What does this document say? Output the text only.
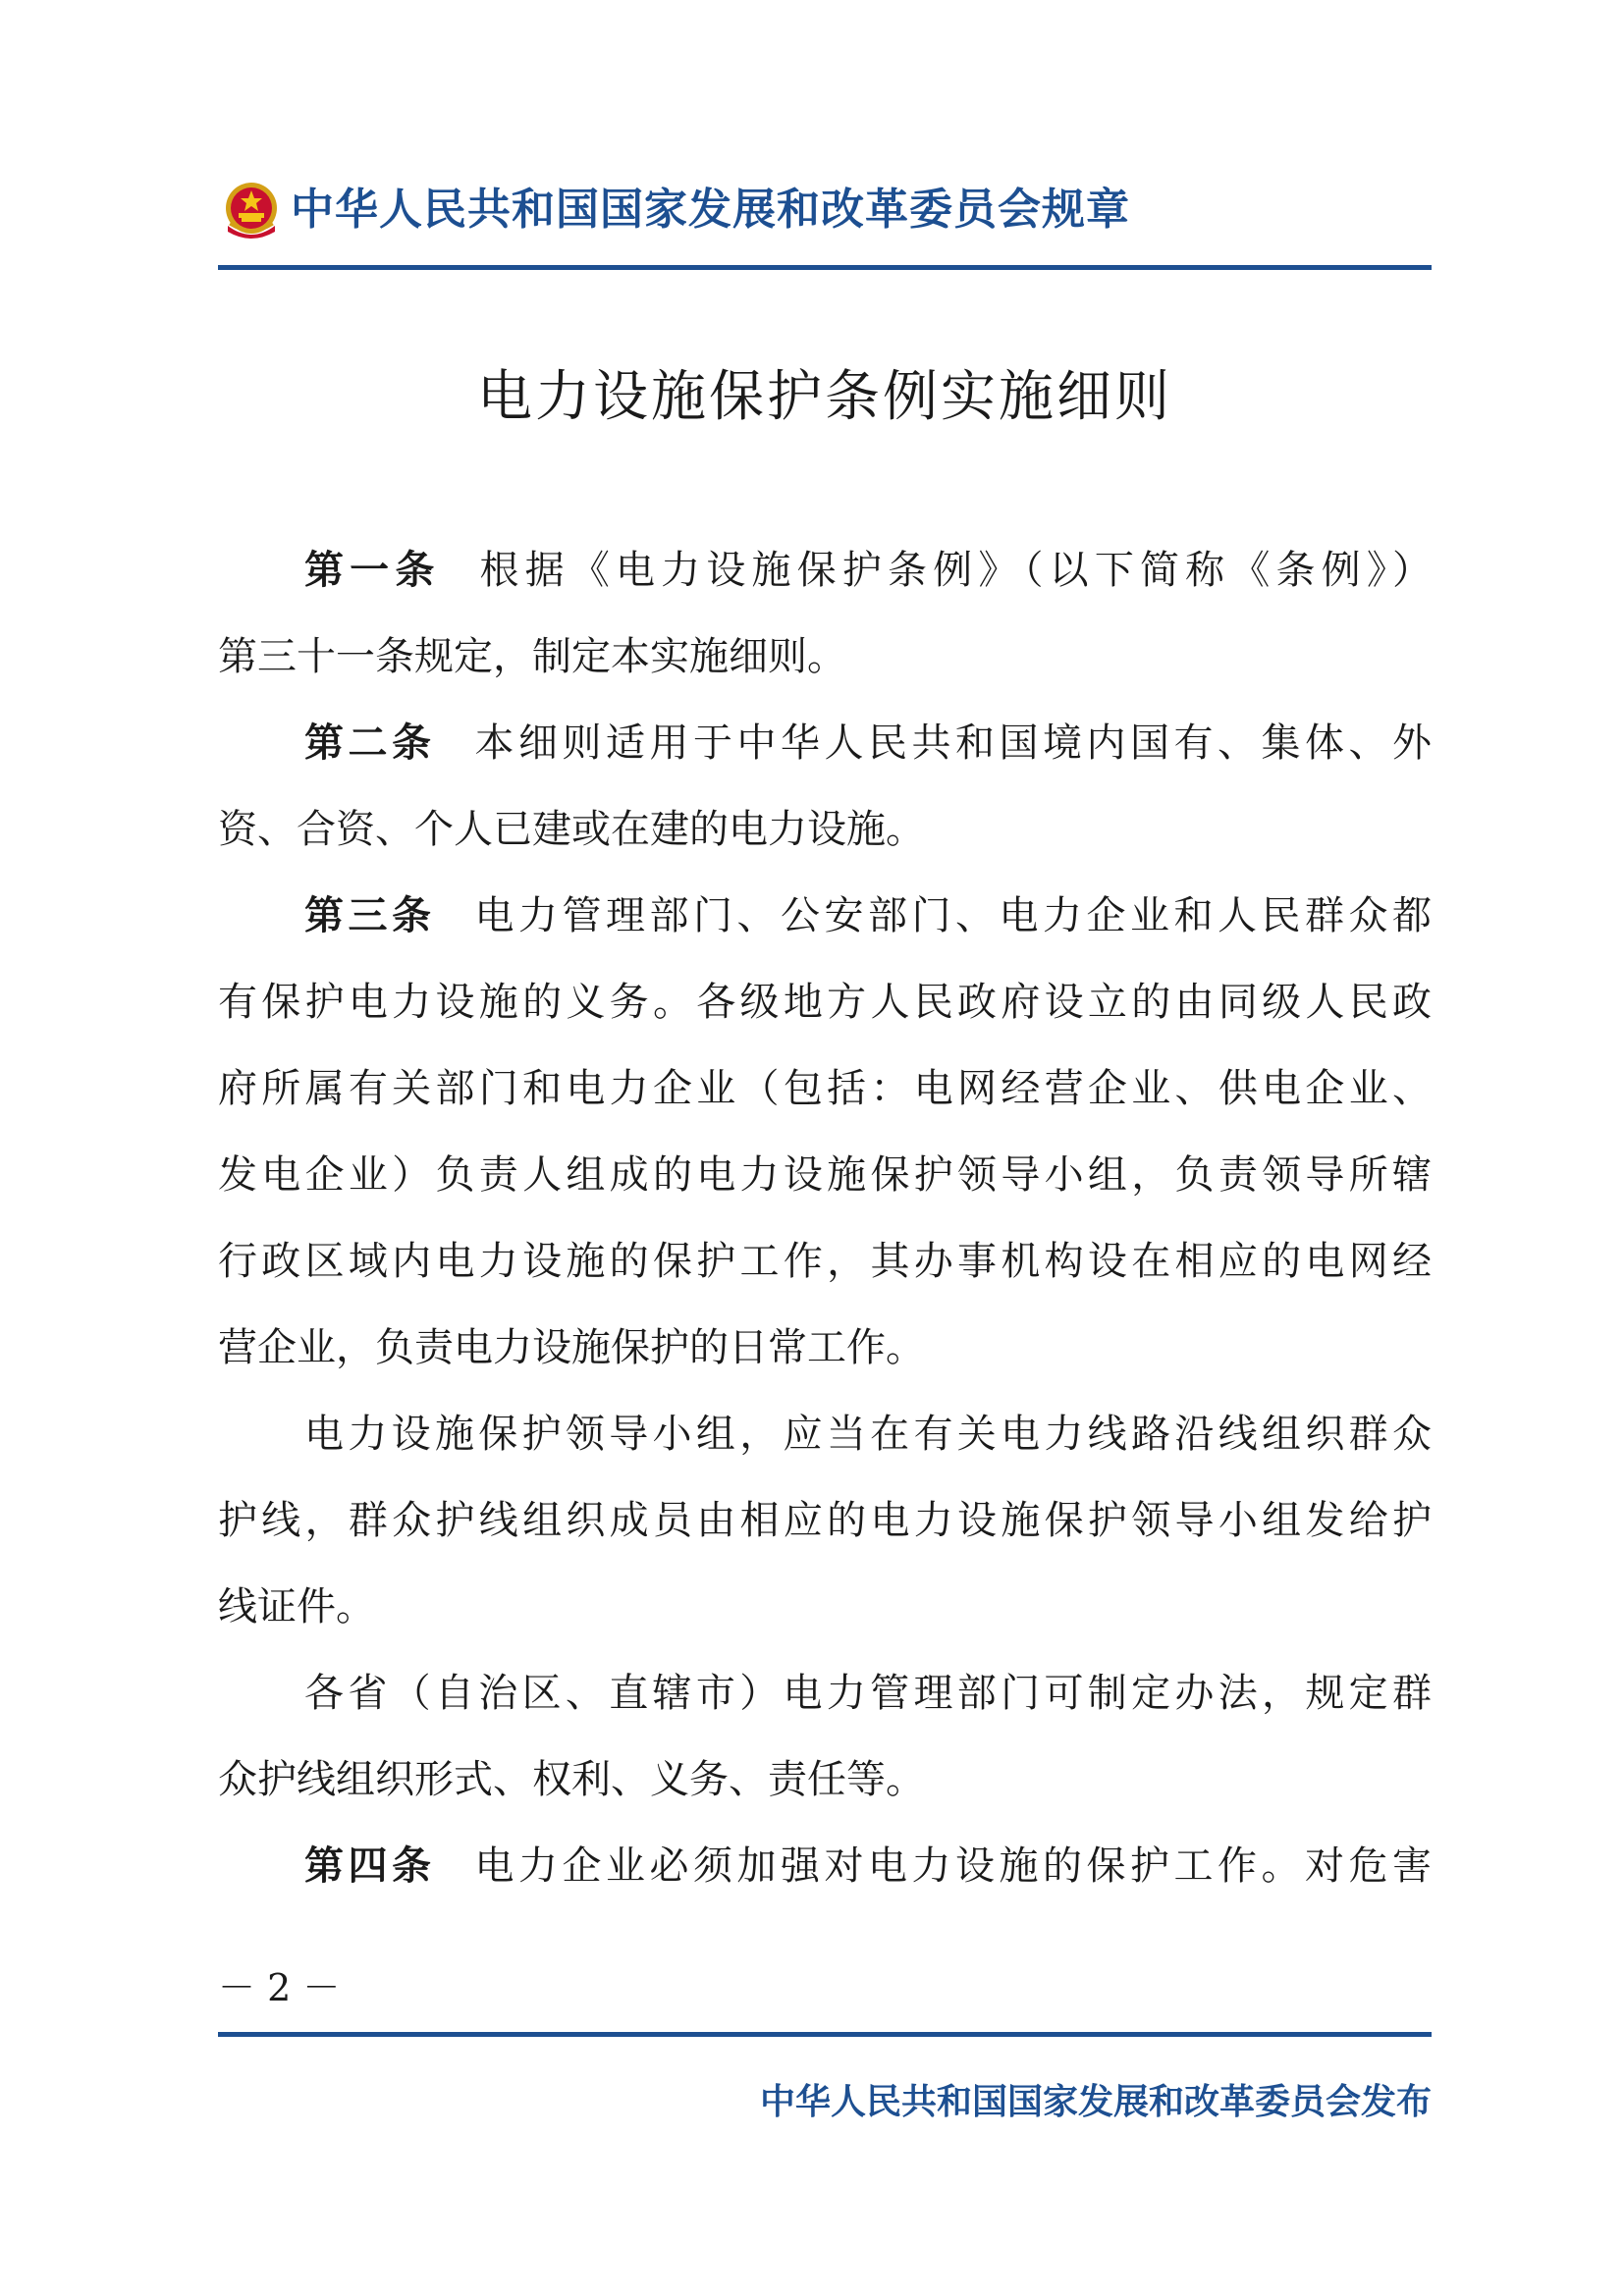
中华人民共和国国家发展和改革委员会规章
电力设施保护条例实施细则
第一条 根据《电力设施保护条例》（以下简称《条例》）
第三十一条规定，制定本实施细则。
第二条 本细则适用于中华人民共和国境内国有、集体、外
资、合资、个人已建或在建的电力设施。
第三条 电力管理部门、公安部门、电力企业和人民群众都
有保护电力设施的义务。各级地方人民政府设立的由同级人民政
府所属有关部门和电力企业（包括：电网经营企业、供电企业、
发电企业）负责人组成的电力设施保护领导小组，负责领导所辖
行政区域内电力设施的保护工作，其办事机构设在相应的电网经
营企业，负责电力设施保护的日常工作。
电力设施保护领导小组，应当在有关电力线路沿线组织群众
护线，群众护线组织成员由相应的电力设施保护领导小组发给护
线证件。
各省（自治区、直辖市）电力管理部门可制定办法，规定群
众护线组织形式、权利、义务、责任等。
第四条 电力企业必须加强对电力设施的保护工作。对危害
－ 2 －
中华人民共和国国家发展和改革委员会发布
